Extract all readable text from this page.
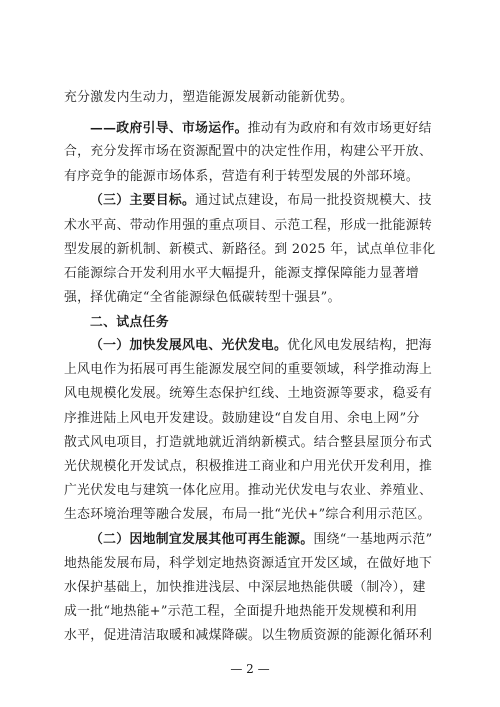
充分激发内生动力，塑造能源发展新动能新优势。
——政府引导、市场运作。推动有为政府和有效市场更好结
合，充分发挥市场在资源配置中的决定性作用，构建公平开放、
有序竞争的能源市场体系，营造有利于转型发展的外部环境。
（三）主要目标。通过试点建设，布局一批投资规模大、技
术水平高、带动作用强的重点项目、示范工程，形成一批能源转
型发展的新机制、新模式、新路径。到 2025 年，试点单位非化
石能源综合开发利用水平大幅提升，能源支撑保障能力显著增
强，择优确定“全省能源绿色低碳转型十强县”。
二、试点任务
（一）加快发展风电、光伏发电。优化风电发展结构，把海
上风电作为拓展可再生能源发展空间的重要领域，科学推动海上
风电规模化发展。统筹生态保护红线、土地资源等要求，稳妥有
序推进陆上风电开发建设。鼓励建设“自发自用、余电上网”分
散式风电项目，打造就地就近消纳新模式。结合整县屋顶分布式
光伏规模化开发试点，积极推进工商业和户用光伏开发利用，推
广光伏发电与建筑一体化应用。推动光伏发电与农业、养殖业、
生态环境治理等融合发展，布局一批“光伏+”综合利用示范区。
（二）因地制宜发展其他可再生能源。围绕“一基地两示范”
地热能发展布局，科学划定地热资源适宜开发区域，在做好地下
水保护基础上，加快推进浅层、中深层地热能供暖（制冷），建
成一批“地热能+”示范工程，全面提升地热能开发规模和利用
水平，促进清洁取暖和减煤降碳。以生物质资源的能源化循环利
— 2 —
